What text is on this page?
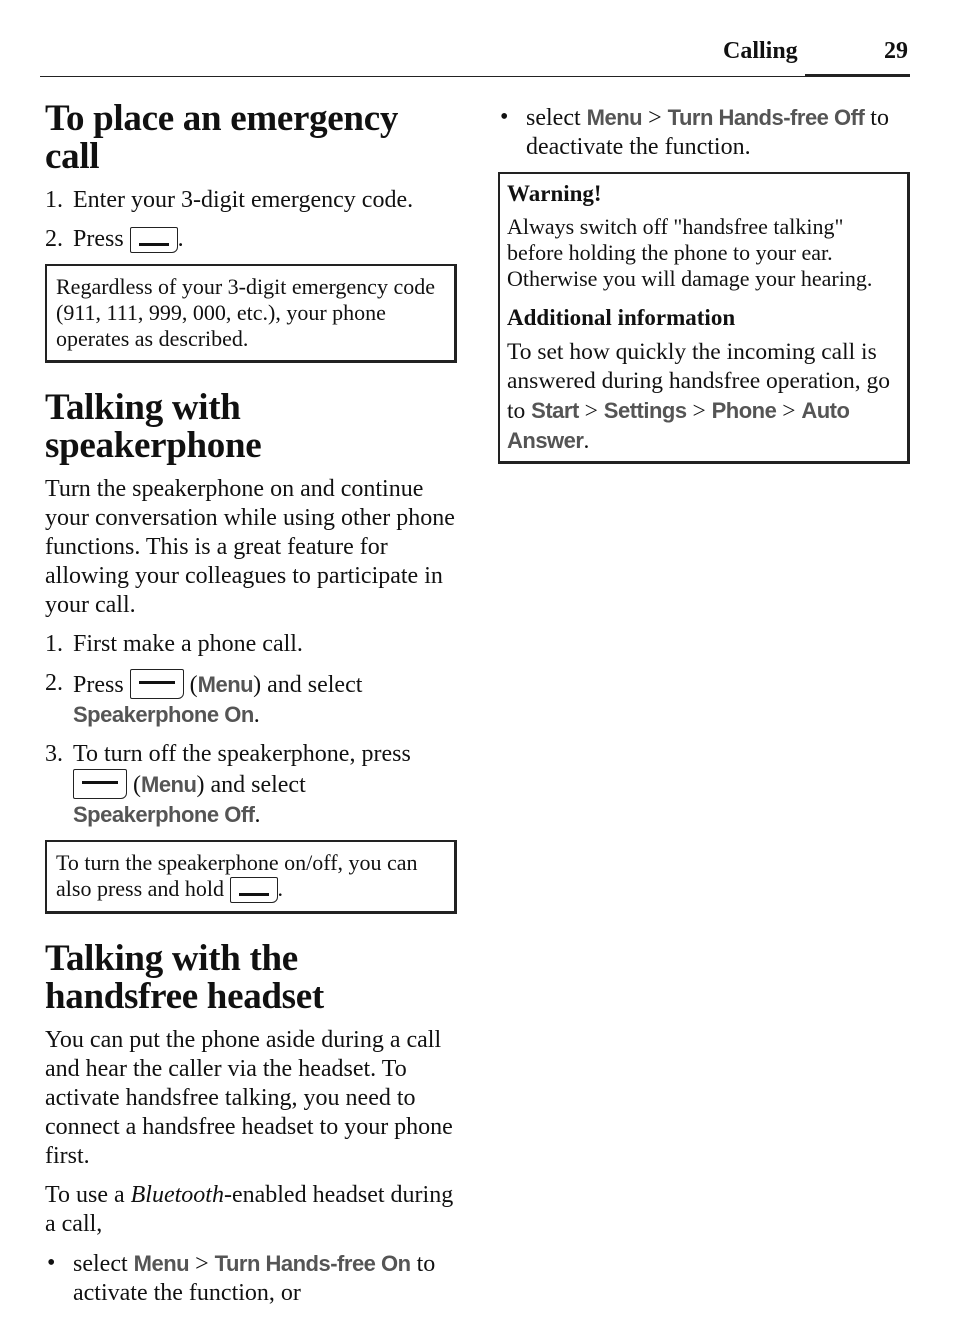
Calling	29
To place an emergency call
1. Enter your 3-digit emergency code.
2. Press .
Regardless of your 3-digit emergency code (911, 111, 999, 000, etc.), your phone operates as described.
Talking with speakerphone

Turn the speakerphone on and continue your conversation while using other phone functions. This is a great feature for allowing your colleagues to participate in your call.

1. First make a phone call.
2. Press	(Menu) and select Speakerphone On.
3. To turn off the speakerphone, press  (Menu) and select Speakerphone Off.
To turn the speakerphone on/off, you can also press and hold .
Talking with the handsfree headset

You can put the phone aside during a call and hear the caller via the headset. To activate handsfree talking, you need to connect a handsfree headset to your phone first.

To use a Bluetooth-enabled headset during a call,

• select Menu > Turn Hands-free On to activate the function, or
• select Menu > Turn Hands-free Off to deactivate the function.
Warning!
Always switch off "handsfree talking" before holding the phone to your ear. Otherwise you will damage your hearing.
Additional information

To set how quickly the incoming call is answered during handsfree operation, go to Start > Settings > Phone > Auto Answer.
